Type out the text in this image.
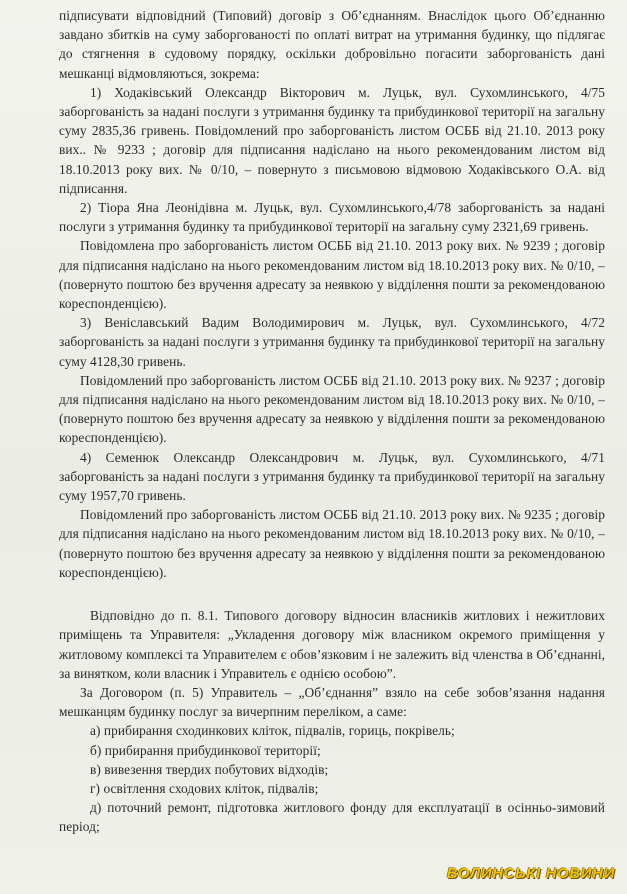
підписувати відповідний (Типовий) договір з Об’єднанням. Внаслідок цього Об’єднанню завдано збитків на суму заборгованості по оплаті витрат на утримання будинку, що підлягає до стягнення в судовому порядку, оскільки добровільно погасити заборгованість дані мешканці відмовляються, зокрема:

1) Ходаківський Олександр Вікторович м. Луцьк, вул. Сухомлинського, 4/75 заборгованість за надані послуги з утримання будинку та прибудинкової території на загальну суму 2835,36 гривень. Повідомлений про заборгованість листом ОСББ від 21.10. 2013 року вих.. № 9233 ; договір для підписання надіслано на нього рекомендованим листом від 18.10.2013 року вих. № 0/10, – повернуто з письмовою відмовою Ходаківського О.А. від підписання.

2) Тіора Яна Леонідівна м. Луцьк, вул. Сухомлинського,4/78 заборгованість за надані послуги з утримання будинку та прибудинкової території на загальну суму 2321,69 гривень.

Повідомлена про заборгованість листом ОСББ від 21.10. 2013 року вих. № 9239 ; договір для підписання надіслано на нього рекомендованим листом від 18.10.2013 року вих. № 0/10, – (повернуто поштою без вручення адресату за неявкою у відділення пошти за рекомендованою кореспонденцією).

3) Веніславський Вадим Володимирович м. Луцьк, вул. Сухомлинського, 4/72 заборгованість за надані послуги з утримання будинку та прибудинкової території на загальну суму 4128,30 гривень.

Повідомлений про заборгованість листом ОСББ від 21.10. 2013 року вих. № 9237 ; договір для підписання надіслано на нього рекомендованим листом від 18.10.2013 року вих. № 0/10, – (повернуто поштою без вручення адресату за неявкою у відділення пошти за рекомендованою кореспонденцією).

4) Семенюк Олександр Олександрович м. Луцьк, вул. Сухомлинського, 4/71 заборгованість за надані послуги з утримання будинку та прибудинкової території на загальну суму 1957,70 гривень.

Повідомлений про заборгованість листом ОСББ від 21.10. 2013 року вих. № 9235 ; договір для підписання надіслано на нього рекомендованим листом від 18.10.2013 року вих. № 0/10, – (повернуто поштою без вручення адресату за неявкою у відділення пошти за рекомендованою кореспонденцією).

Відповідно до п. 8.1. Типового договору відносин власників житлових і нежитлових приміщень та Управителя: „Укладення договору між власником окремого приміщення у житловому комплексі та Управителем є обов’язковим і не залежить від членства в Об’єднанні, за винятком, коли власник і Управитель є однією особою”.

За Договором (п. 5) Управитель – „Об’єднання” взяло на себе зобов’язання надання мешканцям будинку послуг за вичерпним переліком, а саме:

а) прибирання сходинкових кліток, підвалів, гориць, покрівель;

б) прибирання прибудинкової території;

в) вивезення твердих побутових відходів;

г) освітлення сходових кліток, підвалів;

д) поточний ремонт, підготовка житлового фонду для експлуатації в осінньо-зимовий період;

ВОЛИНСЬКІ НОВИНИ
